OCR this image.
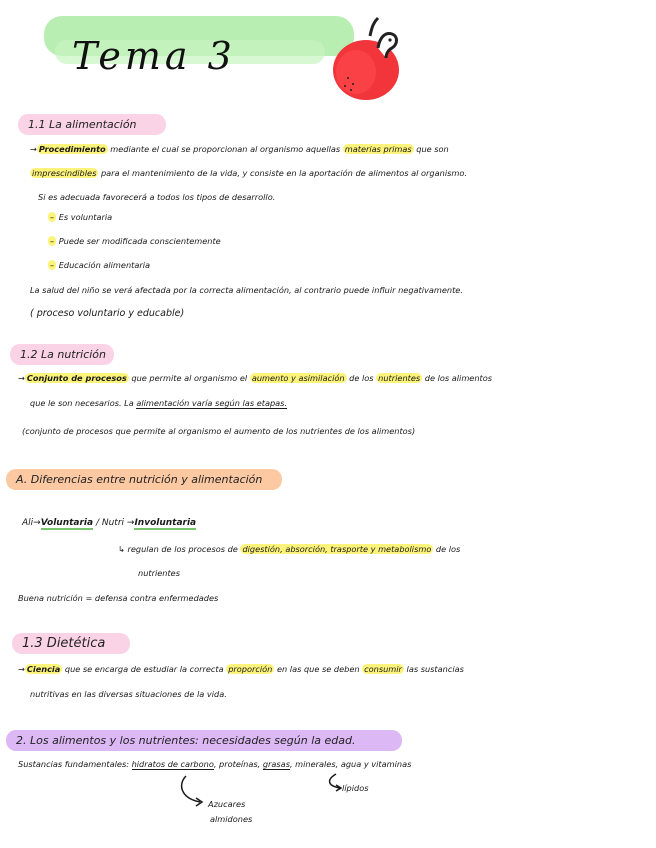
Tema 3
1.1 La alimentación
→ Procedimiento mediante el cual se proporcionan al organismo aquellas materias primas que son
imprescindibles para el mantenimiento de la vida, y consiste en la aportación de alimentos al organismo.
Si es adecuada favorecerá a todos los tipos de desarrollo.
– Es voluntaria
– Puede ser modificada conscientemente
– Educación alimentaria
La salud del niño se verá afectada por la correcta alimentación, al contrario puede influir negativamente.
( proceso voluntario y educable)
1.2 La nutrición
→ Conjunto de procesos que permite al organismo el aumento y asimilación de los nutrientes de los alimentos
que le son necesarios. La alimentación varía según las etapas.
(conjunto de procesos que permite al organismo el aumento de los nutrientes de los alimentos)
A. Diferencias entre nutrición y alimentación
Ali→Voluntaria / Nutri →Involuntaria
↳ regulan de los procesos de digestión, absorción, trasporte y metabolismo de los
nutrientes
Buena nutrición = defensa contra enfermedades
1.3 Dietética
→ Ciencia que se encarga de estudiar la correcta proporción en las que se deben consumir las sustancias
nutritivas en las diversas situaciones de la vida.
2. Los alimentos y los nutrientes: necesidades según la edad.
Sustancias fundamentales: hidratos de carbono, proteínas, grasas, minerales, agua y vitaminas
lípidos
Azucares
almidones
